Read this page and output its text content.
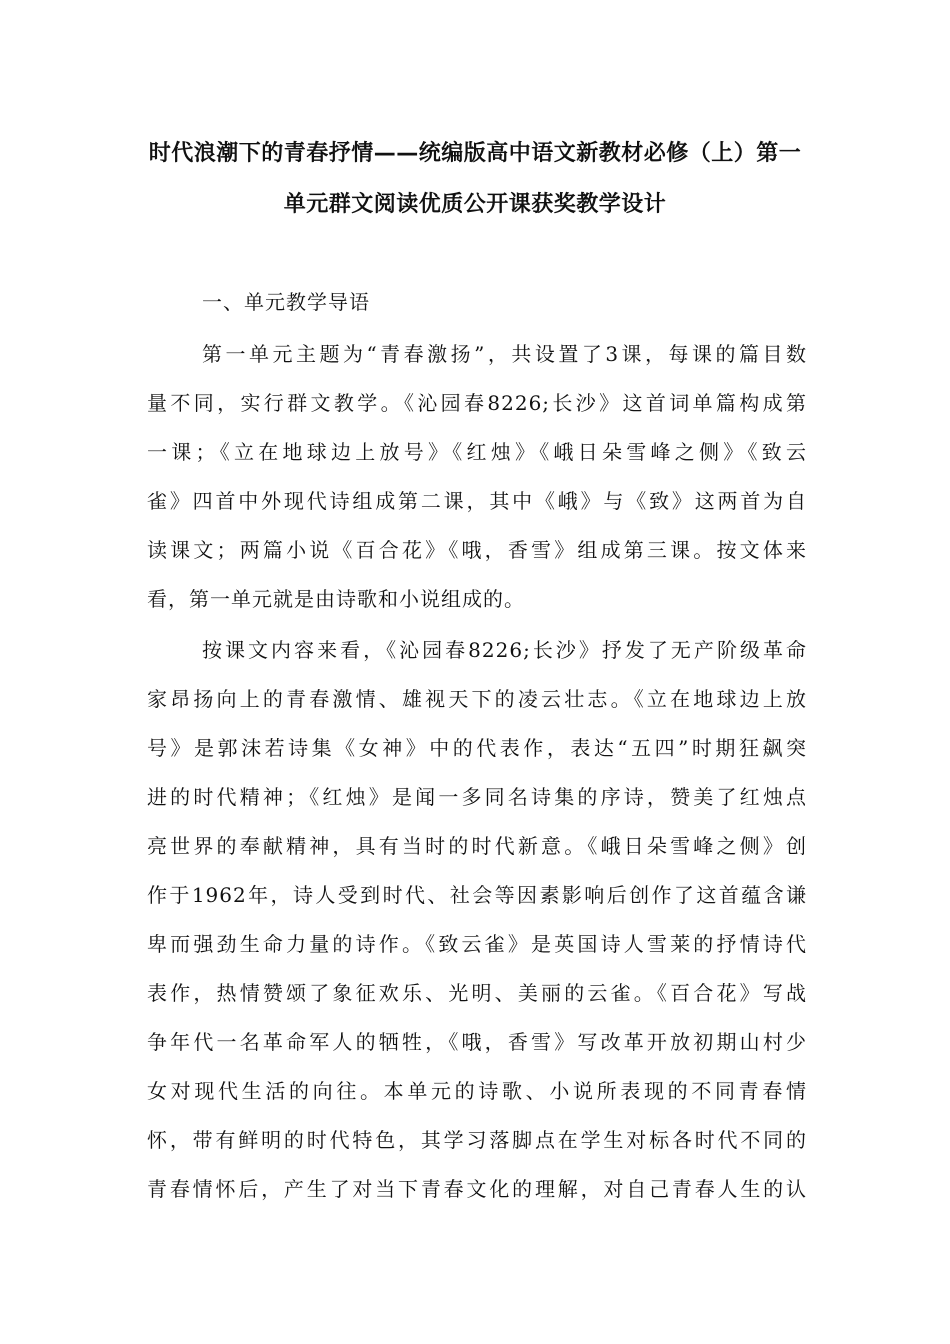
时代浪潮下的青春抒情——统编版高中语文新教材必修（上）第一
单元群文阅读优质公开课获奖教学设计
一、单元教学导语
第一单元主题为“青春激扬”，共设置了3课，每课的篇目数
量不同，实行群文教学。《沁园春8226;长沙》这首词单篇构成第
一课；《立在地球边上放号》《红烛》《峨日朵雪峰之侧》《致云
雀》四首中外现代诗组成第二课，其中《峨》与《致》这两首为自
读课文；两篇小说《百合花》《哦，香雪》组成第三课。按文体来
看，第一单元就是由诗歌和小说组成的。
按课文内容来看，《沁园春8226;长沙》抒发了无产阶级革命
家昂扬向上的青春激情、雄视天下的凌云壮志。《立在地球边上放
号》是郭沫若诗集《女神》中的代表作，表达“五四”时期狂飙突
进的时代精神；《红烛》是闻一多同名诗集的序诗，赞美了红烛点
亮世界的奉献精神，具有当时的时代新意。《峨日朵雪峰之侧》创
作于1962年，诗人受到时代、社会等因素影响后创作了这首蕴含谦
卑而强劲生命力量的诗作。《致云雀》是英国诗人雪莱的抒情诗代
表作，热情赞颂了象征欢乐、光明、美丽的云雀。《百合花》写战
争年代一名革命军人的牺牲，《哦，香雪》写改革开放初期山村少
女对现代生活的向往。本单元的诗歌、小说所表现的不同青春情
怀，带有鲜明的时代特色，其学习落脚点在学生对标各时代不同的
青春情怀后，产生了对当下青春文化的理解，对自己青春人生的认
